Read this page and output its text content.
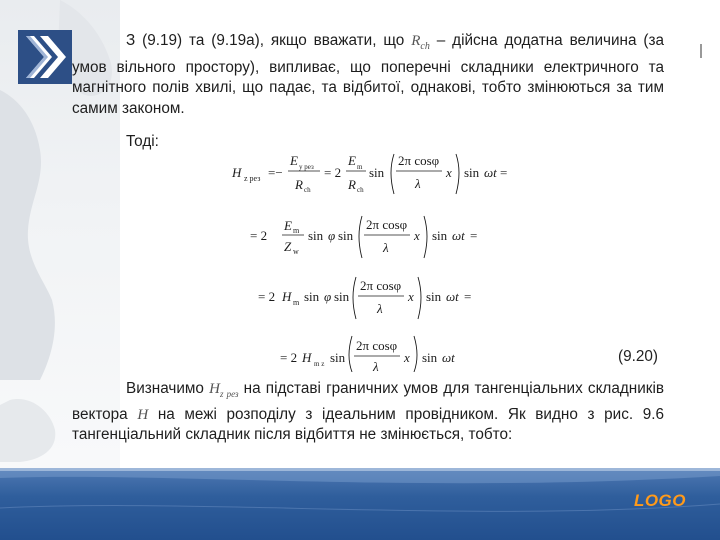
З (9.19) та (9.19а), якщо вважати, що $R_{ch}$ – дійсна додатна величина (за умов вільного простору), випливає, що поперечні складники електричного та магнітного полів хвилі, що падає, та відбитої, однакові, тобто змінюються за тим самим законом.
Тоді:
H z рез =−
E y рез
R ch
= 2
E m
R ch
sin
2π cosφ
λ
x sin ωt =
= 2
E m
Z w
sin φ sin
2π cosφ
λ
x sin ωt =
= 2 H m sin φ sin
2π cosφ
λ
x sin ωt =
= 2 H m z sin
2π cosφ
λ
x sin ωt	(9.20)
Визначимо $H_{z рез}$ на підставі граничних умов для тангенціальних складників вектора H на межі розподілу з ідеальним провідником. Як видно з рис. 9.6 тангенціальний складник після відбиття не змінюється, тобто:
LOGO
